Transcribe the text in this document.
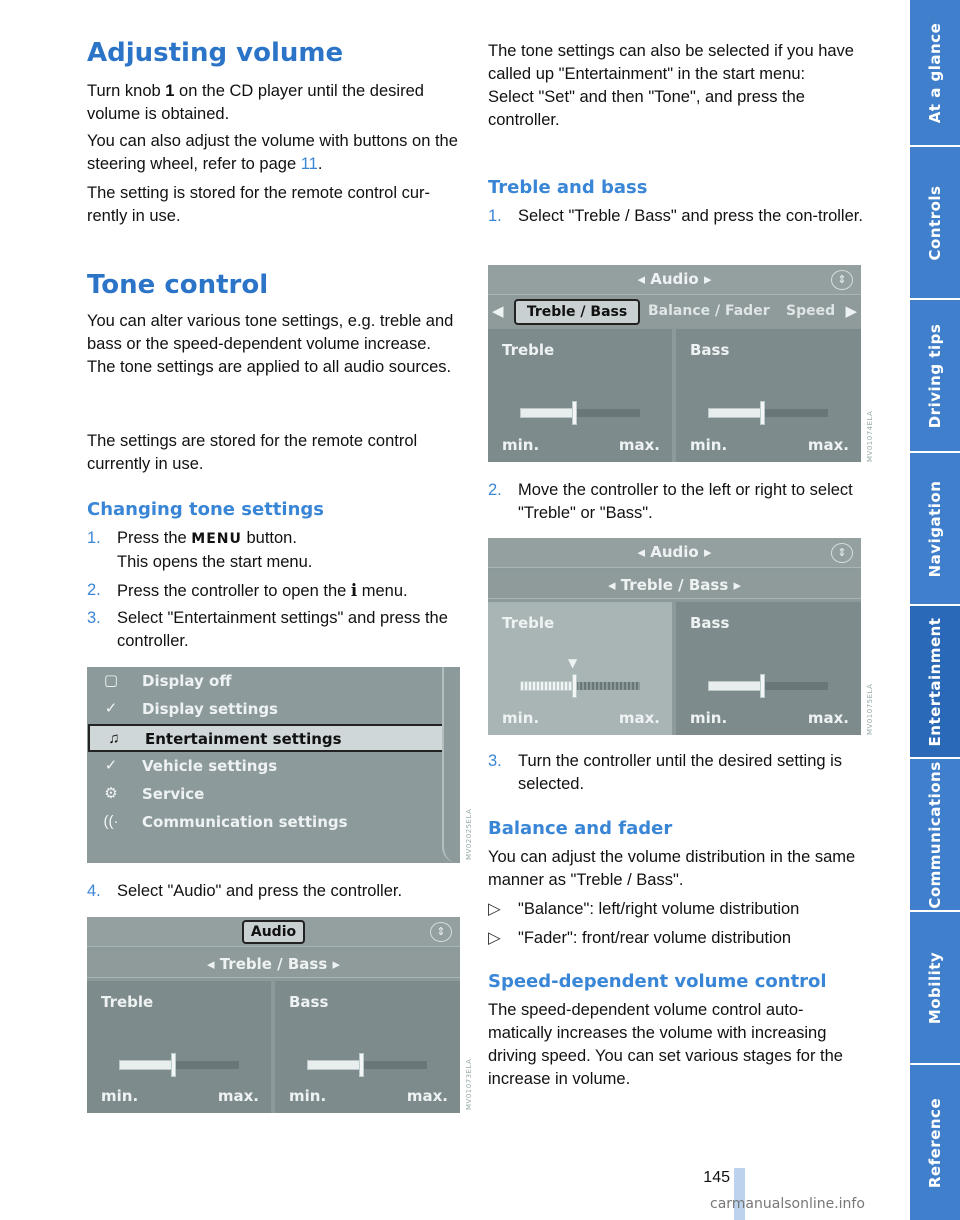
Adjusting volume

Turn knob 1 on the CD player until the desired volume is obtained.

You can also adjust the volume with buttons on the steering wheel, refer to page 11.

The setting is stored for the remote control cur-rently in use.

Tone control

You can alter various tone settings, e.g. treble and bass or the speed-dependent volume increase.
The tone settings are applied to all audio sources.

The settings are stored for the remote control currently in use.

Changing tone settings
1. Press the MENU button.
This opens the start menu.
2. Press the controller to open the i menu.
3. Select "Entertainment settings" and press the controller.
▢	Display off
✓	Display settings
♫	Entertainment settings
✓	Vehicle settings
⚙	Service
((·	Communication settings	MV02025ELA
4. Select "Audio" and press the controller.
Audio	⇕
◂ Treble / Bass ▸
Treble
min.	max.
Bass
min.	max. MV01073ELA

The tone settings can also be selected if you have called up "Entertainment" in the start menu:
Select "Set" and then "Tone", and press the controller.

Treble and bass
1. Select "Treble / Bass" and press the con-troller.
◂ Audio ▸	⇕
◀	Treble / Bass	Balance / Fader Speed ▶
Treble
min.	max.
Bass
min.	max. MV01074ELA
2. Move the controller to the left or right to select "Treble" or "Bass".
◂ Audio ▸	⇕
◂ Treble / Bass ▸
Treble
▼
min.	max.
Bass
min.	max. MV01075ELA
3. Turn the controller until the desired setting is selected.
Balance and fader

You can adjust the volume distribution in the same manner as "Treble / Bass".

▷ "Balance": left/right volume distribution
▷ "Fader": front/rear volume distribution
Speed-dependent volume control

The speed-dependent volume control auto-matically increases the volume with increasing driving speed. You can set various stages for the increase in volume.

At a glance
Controls
Driving tips
Navigation
Entertainment
Communications
Mobility
Reference
145
carmanualsonline.info
